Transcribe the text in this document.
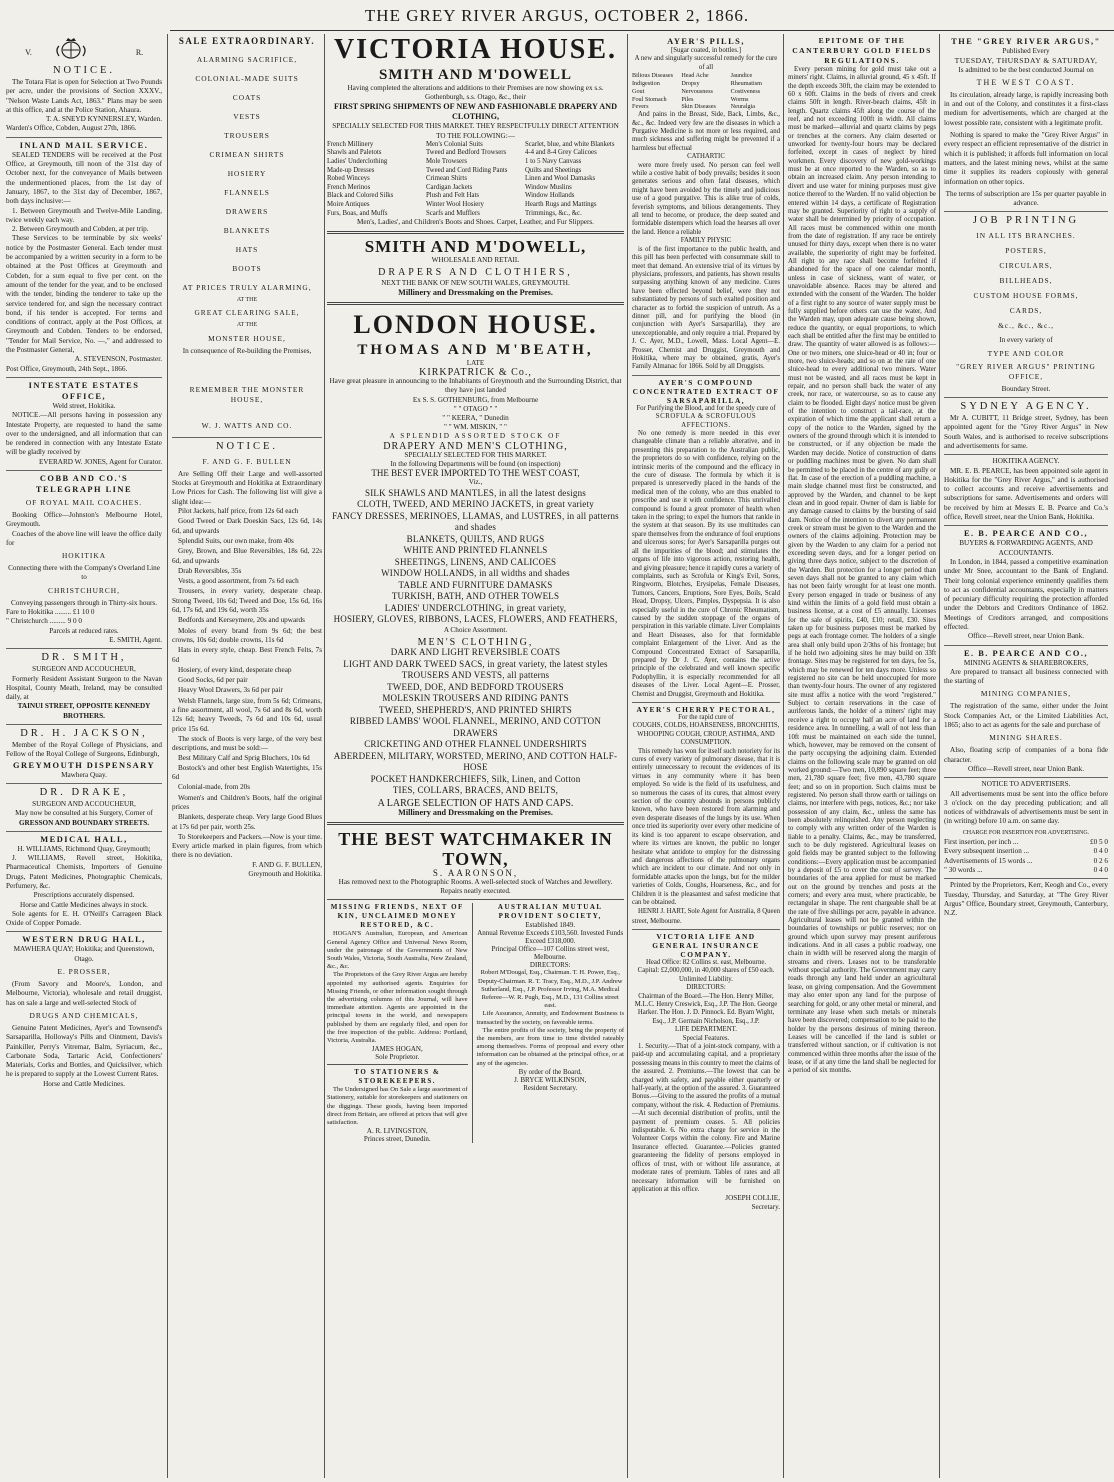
THE GREY RIVER ARGUS, OCTOBER 2, 1866.
V.		R.
NOTICE.
The Totara Flat is open for Selection at Two Pounds per acre, under the provisions of Section XXXV., "Nelson Waste Lands Act, 1863." Plans may be seen at this office, and at the Police Station, Ahaura.
T. A. SNEYD KYNNERSLEY, Warden.
Warden's Office, Cobden, August 27th, 1866.
INLAND MAIL SERVICE.
SEALED TENDERS will be received at the Post Office, at Greymouth, till noon of the 31st day of October next, for the conveyance of Mails between the undermentioned places, from the 1st day of January, 1867, to the 31st day of December, 1867, both days inclusive:—
1. Between Greymouth and Twelve-Mile Landing, twice weekly each way.
2. Between Greymouth and Cobden, at per trip.
These Services to be terminable by six weeks' notice by the Postmaster General. Each tender must be accompanied by a written security in a form to be obtained at the Post Offices at Greymouth and Cobden, for a sum equal to five per cent. on the amount of the tender for the year, and to be enclosed with the tender, binding the tenderer to take up the service tendered for, and sign the necessary contract bond, if his tender is accepted. For terms and conditions of contract, apply at the Post Offices, at Greymouth and Cobden. Tenders to be endorsed, "Tender for Mail Service, No. —," and addressed to the Postmaster General,
A. STEVENSON, Postmaster.
Post Office, Greymouth, 24th Sept., 1866.
INTESTATE ESTATES OFFICE,
Weld street, Hokitika.
NOTICE.—All persons having in possession any Intestate Property, are requested to hand the same over to the undersigned, and all information that can be rendered in connection with any Intestate Estate will be gladly received by
EVERARD W. JONES, Agent for Curator.
COBB AND CO.'S TELEGRAPH LINE
OF ROYAL MAIL COACHES.
Booking Office—Johnston's Melbourne Hotel, Greymouth.
Coaches of the above line will leave the office daily for
HOKITIKA
Connecting there with the Company's Overland Line to
CHRISTCHURCH,
Conveying passengers through in Thirty-six hours.
Fare to Hokitika ......... £1 10 0
" Christchurch ......... 9 0 0
Parcels at reduced rates.
E. SMITH, Agent.
DR. SMITH,
SURGEON AND ACCOUCHEUR,
Formerly Resident Assistant Surgeon to the Navan Hospital, County Meath, Ireland, may be consulted daily, at
TAINUI STREET, OPPOSITE KENNEDY BROTHERS.
DR. H. JACKSON,
Member of the Royal College of Physicians, and Fellow of the Royal College of Surgeons, Edinburgh,
GREYMOUTH DISPENSARY
Mawhera Quay.
DR. DRAKE,
SURGEON AND ACCOUCHEUR,
May now be consulted at his Surgery, Corner of
GRESSON AND BOUNDARY STREETS.
MEDICAL HALL,
H. WILLIAMS, Richmond Quay, Greymouth;
J. WILLIAMS, Revell street, Hokitika, Pharmaceutical Chemists, Importers of Genuine Drugs, Patent Medicines, Photographic Chemicals, Perfumery, &c.
Prescriptions accurately dispensed.
Horse and Cattle Medicines always in stock.
Sole agents for E. H. O'Neill's Carrageen Black Oxide of Copper Pomade.
WESTERN DRUG HALL,
MAWHERA QUAY; Hokitika; and Queenstown, Otago.
E. PROSSER,
(From Savory and Moore's, London, and Melbourne, Victoria), wholesale and retail druggist, has on sale a large and well-selected Stock of
DRUGS AND CHEMICALS,
Genuine Patent Medicines, Ayer's and Townsend's Sarsaparilla, Holloway's Pills and Ointment, Davis's Painkiller, Perry's Vitremar, Balm, Syriacum, &c., Carbonate Soda, Tartaric Acid, Confectioners' Materials, Corks and Bottles, and Quicksilver, which he is prepared to supply at the Lowest Current Rates.
Horse and Cattle Medicines.
SALE EXTRAORDINARY.
ALARMING SACRIFICE,
COLONIAL-MADE SUITS
COATS
VESTS
TROUSERS
CRIMEAN SHIRTS
HOSIERY
FLANNELS
DRAWERS
BLANKETS
HATS
BOOTS
AT PRICES TRULY ALARMING,
AT THE
GREAT CLEARING SALE,
AT THE
MONSTER HOUSE,
In consequence of Re-building the Premises,
REMEMBER THE MONSTER HOUSE,
W. J. WATTS AND CO.
NOTICE.
F. AND G. F. BULLEN
Are Selling Off their Large and well-assorted Stocks at Greymouth and Hokitika at Extraordinary Low Prices for Cash. The following list will give a slight idea:—
Pilot Jackets, half price, from 12s 6d each
Good Tweed or Dark Doeskin Sacs, 12s 6d, 14s 6d, and upwards
Splendid Suits, our own make, from 40s
Grey, Brown, and Blue Reversibles, 18s 6d, 22s 6d, and upwards
Drab Reversibles, 35s
Vests, a good assortment, from 7s 6d each
Trousers, in every variety, desperate cheap. Strong Tweed, 10s 6d; Tweed and Doe, 15s 6d, 16s 6d, 17s 6d, and 19s 6d, worth 35s
Bedfords and Kerseymere, 20s and upwards
Moles of every brand from 9s 6d; the best crowns, 10s 6d; double crowns, 11s 6d
Hats in every style, cheap. Best French Felts, 7s 6d
Hosiery, of every kind, desperate cheap
Good Socks, 6d per pair
Heavy Wool Drawers, 3s 6d per pair
Welsh Flannels, large size, from 5s 6d; Crimeans, a fine assortment, all wool, 7s 6d and 8s 6d, worth 12s 6d; heavy Tweeds, 7s 6d and 10s 6d, usual price 15s 6d.
The stock of Boots is very large, of the very best descriptions, and must be sold:—
Best Military Calf and Sprig Bluchers, 10s 6d
Bostock's and other best English Watertights, 15s 6d
Colonial-made, from 20s
Women's and Children's Boots, half the original prices
Blankets, desperate cheap. Very large Good Blues at 17s 6d per pair, worth 25s.
To Storekeepers and Packers.—Now is your time. Every article marked in plain figures, from which there is no deviation.
F. AND G. F. BULLEN,
Greymouth and Hokitika.
VICTORIA HOUSE.
SMITH AND M'DOWELL
Having completed the alterations and additions to their Premises are now showing ex s.s. Gothenburgh, s.s. Otago, &c., their
FIRST SPRING SHIPMENTS OF NEW AND FASHIONABLE DRAPERY AND CLOTHING,
SPECIALLY SELECTED FOR THIS MARKET. THEY RESPECTFULLY DIRECT ATTENTION TO THE FOLLOWING:—
French Millinery	Men's Colonial Suits	Scarlet, blue, and white Blankets
Shawls and Paletots	Tweed and Bedford Trowsers	4-4 and 8-4 Grey Calicoes
Ladies' Underclothing	Mole Trowsers	1 to 5 Navy Canvass
Made-up Dresses	Tweed and Cord Riding Pants	Quilts and Sheetings
Robed Winceys	Crimean Shirts	Linen and Wool Damasks
French Merinos	Cardigan Jackets	Window Muslins
Black and Colored Silks	Plush and Felt Hats	Window Hollands
Moire Antiques	Winter Wool Hosiery	Hearth Rugs and Mattings
Furs, Boas, and Muffs	Scarfs and Mufflers	Trimmings, &c., &c.
Men's, Ladies', and Children's Boots and Shoes. Carpet, Leather, and Fur Slippers.
SMITH AND M'DOWELL,
WHOLESALE AND RETAIL
DRAPERS AND CLOTHIERS,
NEXT THE BANK OF NEW SOUTH WALES, GREYMOUTH.
Millinery and Dressmaking on the Premises.
LONDON HOUSE.
THOMAS AND M'BEATH,
LATE
KIRKPATRICK & Co.,
Have great pleasure in announcing to the Inhabitants of Greymouth and the Surrounding District, that they have just landed
Ex S. S. GOTHENBURG, from Melbourne
" " OTAGO " "
" " KEERA, " Dunedin
" " WM. MISKIN, " "
A SPLENDID ASSORTED STOCK OF
DRAPERY AND MEN'S CLOTHING,
SPECIALLY SELECTED FOR THIS MARKET.
In the following Departments will be found (on inspection)
THE BEST EVER IMPORTED TO THE WEST COAST,
Viz.,
SILK SHAWLS AND MANTLES, in all the latest designs
CLOTH, TWEED, AND MERINO JACKETS, in great variety
FANCY DRESSES, MERINOES, LLAMAS, and LUSTRES, in all patterns and shades
BLANKETS, QUILTS, AND RUGS
WHITE AND PRINTED FLANNELS
SHEETINGS, LINENS, AND CALICOES
WINDOW HOLLANDS, in all widths and shades
TABLE AND FURNITURE DAMASKS
TURKISH, BATH, AND OTHER TOWELS
LADIES' UNDERCLOTHING, in great variety,
HOSIERY, GLOVES, RIBBONS, LACES, FLOWERS, AND FEATHERS,
A Choice Assortment.
MEN'S CLOTHING,
DARK AND LIGHT REVERSIBLE COATS
LIGHT AND DARK TWEED SACS, in great variety, the latest styles
TROUSERS AND VESTS, all patterns
TWEED, DOE, AND BEDFORD TROUSERS
MOLESKIN TROUSERS AND RIDING PANTS
TWEED, SHEPHERD'S, AND PRINTED SHIRTS
RIBBED LAMBS' WOOL FLANNEL, MERINO, AND COTTON DRAWERS
CRICKETING AND OTHER FLANNEL UNDERSHIRTS
ABERDEEN, MILITARY, WORSTED, MERINO, AND COTTON HALF-HOSE
POCKET HANDKERCHIEFS, Silk, Linen, and Cotton
TIES, COLLARS, BRACES, AND BELTS,
A LARGE SELECTION OF HATS AND CAPS.
Millinery and Dressmaking on the Premises.
THE BEST WATCHMAKER IN TOWN,
S. AARONSON,
Has removed next to the Photographic Rooms. A well-selected stock of Watches and Jewellery. Repairs neatly executed.
MISSING FRIENDS, NEXT OF KIN, UNCLAIMED MONEY RESTORED, &C.
HOGAN'S Australian, European, and American General Agency Office and Universal News Room, under the patronage of the Governments of New South Wales, Victoria, South Australia, New Zealand, &c., &c.
The Proprietors of the Grey River Argus are hereby appointed my authorised agents. Enquiries for Missing Friends, or other information sought through the advertising columns of this Journal, will have immediate attention. Agents are appointed in the principal towns in the world, and newspapers published by them are regularly filed, and open for the free inspection of the public. Address: Portland, Victoria, Australia.
JAMES HOGAN,
Sole Proprietor.
TO STATIONERS & STOREKEEPERS.
The Undersigned has On Sale a large assortment of Stationery, suitable for storekeepers and stationers on the diggings. These goods, having been imported direct from Britain, are offered at prices that will give satisfaction.
A. R. LIVINGSTON,
Princes street, Dunedin.

AUSTRALIAN MUTUAL PROVIDENT SOCIETY,
Established 1849.
Annual Revenue Exceeds £103,560. Invested Funds Exceed £318,000.
Principal Office—107 Collins street west, Melbourne.
DIRECTORS:
Robert M'Dougal, Esq., Chairman. T. H. Power, Esq., Deputy-Chairman. R. T. Tracy, Esq., M.D., J.P. Andrew Sutherland, Esq., J.P. Professor Irving, M.A. Medical Referee—W. R. Pugh, Esq., M.D., 131 Collins street east.
Life Assurance, Annuity, and Endowment Business is transacted by the society, on favorable terms.
The entire profits of the society, being the property of the members, are from time to time divided rateably among themselves. Forms of proposal and every other information can be obtained at the principal office, or at any of the agencies.
By order of the Board,
J. BRYCE WILKINSON,
Resident Secretary.
AYER'S PILLS,
[Sugar coated, in bottles.]
A new and singularly successful remedy for the cure of all
Bilious Diseases	Head Ache	Jaundice
Indigestion	Dropsy	Rheumatism
Gout	Nervousness	Costiveness
Foul Stomach	Piles	Worms
Fevers	Skin Diseases	Neuralgia
And pains in the Breast, Side, Back, Limbs, &c., &c., &c. Indeed very few are the diseases in which a Purgative Medicine is not more or less required, and much sickness and suffering might be prevented if a harmless but effectual
CATHARTIC
were more freely used. No person can feel well while a costive habit of body prevails; besides it soon generates serious and often fatal diseases, which might have been avoided by the timely and judicious use of a good purgative. This is alike true of colds, feverish symptoms, and bilious derangements. They all tend to become, or produce, the deep seated and formidable distempers which load the hearses all over the land. Hence a reliable
FAMILY PHYSIC
is of the first importance to the public health, and this pill has been perfected with consummate skill to meet that demand. An extensive trial of its virtues by physicians, professors, and patients, has shown results surpassing anything known of any medicine. Cures have been effected beyond belief, were they not substantiated by persons of such exalted position and character as to forbid the suspicion of untruth. As a dinner pill, and for purifying the blood (in conjunction with Ayer's Sarsaparilla), they are unexceptionable, and only require a trial. Prepared by J. C. Ayer, M.D., Lowell, Mass. Local Agent—E. Prosser, Chemist and Druggist, Greymouth and Hokitika, where may be obtained, gratis, Ayer's Family Almanac for 1866. Sold by all Druggists.
AYER'S COMPOUND CONCENTRATED EXTRACT OF SARSAPARILLA,
For Purifying the Blood, and for the speedy cure of
SCROFULA & SCROFULOUS AFFECTIONS.
No one remedy is more needed in this ever changeable climate than a reliable alterative, and in presenting this preparation to the Australian public, the proprietors do so with confidence, relying on the intrinsic merits of the compound and the efficacy in the cure of disease. The formula by which it is prepared is unreservedly placed in the hands of the medical men of the colony, who are thus enabled to prescribe and use it with confidence. This unrivalled compound is found a great promoter of health when taken in the spring; to expel the humors that rankle in the system at that season. By its use multitudes can spare themselves from the endurance of foul eruptions and ulcerous sores; for Ayer's Sarsaparilla purges out all the impurities of the blood; and stimulates the organs of life into vigorous action, restoring health, and giving pleasure; hence it rapidly cures a variety of complaints, such as Scrofula or King's Evil, Sores, Ringworm, Blotches, Erysipelas, Female Diseases, Tumors, Cancers, Eruptions, Sore Eyes, Boils, Scald Head, Dropsy, Ulcers, Pimples, Dyspepsia. It is also especially useful in the cure of Chronic Rheumatism, caused by the sudden stoppage of the organs of perspiration in this variable climate. Liver Complaints and Heart Diseases, also for that formidable complaint Enlargement of the Liver. And as the Compound Concentrated Extract of Sarsaparilla, prepared by Dr J. C. Ayer, contains the active principle of the celebrated and well known specific Podophyllin, it is especially recommended for all diseases of the Liver. Local Agent—E. Prosser, Chemist and Druggist, Greymouth and Hokitika.
AYER'S CHERRY PECTORAL,
For the rapid cure of
COUGHS, COLDS, HOARSENESS, BRONCHITIS, WHOOPING COUGH, CROUP, ASTHMA, AND CONSUMPTION.
This remedy has won for itself such notoriety for its cures of every variety of pulmonary disease, that it is entirely unnecessary to recount the evidences of its virtues in any community where it has been employed. So wide is the field of its usefulness, and so numerous the cases of its cures, that almost every section of the country abounds in persons publicly known, who have been restored from alarming and even desperate diseases of the lungs by its use. When once tried its superiority over every other medicine of its kind is too apparent to escape observation, and where its virtues are known, the public no longer hesitate what antidote to employ for the distressing and dangerous affections of the pulmonary organs which are incident to our climate. And not only in formidable attacks upon the lungs, but for the milder varieties of Colds, Coughs, Hoarseness, &c., and for Children it is the pleasantest and safest medicine that can be obtained.
HENRI J. HART, Sole Agent for Australia, 8 Queen street, Melbourne.
VICTORIA LIFE AND GENERAL INSURANCE COMPANY.
Head Office: 82 Collins st. east, Melbourne.
Capital: £2,000,000, in 40,000 shares of £50 each.
Unlimited Liability.
DIRECTORS:
Chairman of the Board.—The Hon. Henry Miller, M.L.C. Henry Creswick, Esq., J.P. The Hon. George Harker. The Hon. J. D. Pinnock. Ed. Byam Wight, Esq., J.P. Germain Nicholson, Esq., J.P.
LIFE DEPARTMENT.
Special Features.
1. Security.—That of a joint-stock company, with a paid-up and accumulating capital, and a proprietary possessing means in this country to meet the claims of the assured. 2. Premiums.—The lowest that can be charged with safety, and payable either quarterly or half-yearly, at the option of the assured. 3. Guaranteed Bonus.—Giving to the assured the profits of a mutual company, without the risk. 4. Reduction of Premiums.—At such decennial distribution of profits, until the payment of premium ceases. 5. All policies indisputable. 6. No extra charge for service in the Volunteer Corps within the colony. Fire and Marine Insurance effected. Guarantee.—Policies granted guaranteeing the fidelity of persons employed in offices of trust, with or without life assurance, at moderate rates of premium. Tables of rates and all necessary information will be furnished on application at this office.
JOSEPH COLLIE,
Secretary.
EPITOME OF THE CANTERBURY GOLD FIELDS REGULATIONS.
Every person mining for gold must take out a miners' right. Claims, in alluvial ground, 45 x 45ft. If the depth exceeds 30ft, the claim may be extended to 60 x 60ft. Claims in the beds of rivers and creek claims 50ft in length. River-beach claims, 45ft in length. Quartz claims 45ft along the course of the reef, and not exceeding 100ft in width. All claims must be marked—alluvial and quartz claims by pegs or trenches at the corners. Any claim deserted or unworked for twenty-four hours may be declared forfeited, except in cases of neglect by hired workmen. Every discovery of new gold-workings must be at once reported to the Warden, so as to obtain an increased claim. Any person intending to divert and use water for mining purposes must give notice thereof to the Warden. If no valid objection be entered within 14 days, a certificate of Registration may be granted. Superiority of right to a supply of water shall be determined by priority of occupation. All races must be commenced within one month from the date of registration. If any race be entirely unused for thirty days, except when there is no water available, the superiority of right may be forfeited. All right to any race shall become forfeited if abandoned for the space of one calendar month, unless in case of sickness, want of water, or unavoidable absence. Races may be altered and extended with the consent of the Warden. The holder of a first right to any source of water supply must be fully supplied before others can use the water, And the Warden may, upon adequate cause being shown, reduce the quantity, or equal proportions, to which each shall be entitled after the first may be entitled to draw. The quantity of water allowed is as follows:—One or two miners, one sluice-head or 40 in; four or more, two sluice-heads; and so on at the rate of one sluice-head to every additional two miners. Water must not be wasted, and all races must be kept in repair, and no person shall back the water of any creek, nor race, or watercourse, so as to cause any claim to be flooded. Eight days' notice must be given of the intention to construct a tail-race, at the expiration of which time the applicant shall return a copy of the notice to the Warden, signed by the owners of the ground through which it is intended to be constructed, or if any objection be made the Warden may decide. Notice of construction of dams or puddling machines must be given. No dam shall be permitted to be placed in the centre of any gully or flat. In case of the erection of a puddling machine, a main sludge channel must first be constructed, and approved by the Warden, and channel to be kept clean and in good repair. Owner of dam is liable for any damage caused to claims by the bursting of said dam. Notice of the intention to divert any permanent creek or stream must be given to the Warden and the owners of the claims adjoining. Protection may be given by the Warden to any claim for a period not exceeding seven days, and for a longer period on giving three days notice, subject to the discretion of the Warden. But protection for a longer period than seven days shall not be granted to any claim which has not been fairly wrought for at least one month. Every person engaged in trade or business of any kind within the limits of a gold field must obtain a business license, at a cost of £5 annually. Licenses for the sale of spirits, £40, £10; retail, £30. Sites taken up for business purposes must be marked by pegs at each frontage corner. The holders of a single area shall only build upon 2/3ths of his frontage; but if he hold two adjoining sites he may build on 33ft frontage. Sites may be registered for ten days, fee 5s, which may be renewed for ten days more. Unless so registered no site can be held unoccupied for more than twenty-four hours. The owner of any registered site must affix a notice with the word "registered." Subject to certain reservations in the case of auriferous lands, the holder of a miners' right may receive a right to occupy half an acre of land for a residence area. In tunnelling, a wall of not less than 10ft must be maintained on each side the tunnel, which, however, may be removed on the consent of the party occupying the adjoining claim. Extended claims on the following scale may be granted on old worked ground:—Two men, 10,890 square feet; three men, 21,780 square feet; five men, 43,780 square feet; and so on in proportion. Such claims must be registered. No person shall throw earth or tailings on claims, nor interfere with pegs, notices, &c.; nor take possession of any claim, &c., unless the same has been absolutely relinquished. Any person neglecting to comply with any written order of the Warden is liable to a penalty. Claims, &c., may be transferred, such to be duly registered. Agricultural leases on gold fields may be granted subject to the following conditions:—Every application must be accompanied by a deposit of £5 to cover the cost of survey. The boundaries of the area applied for must be marked out on the ground by trenches and posts at the corners; and every area must, where practicable, be rectangular in shape. The rent chargeable shall be at the rate of five shillings per acre, payable in advance. Agricultural leases will not be granted within the boundaries of townships or public reserves; nor on ground which upon survey may present auriferous indications. And in all cases a public roadway, one chain in width will be reserved along the margin of streams and rivers. Leases not to be transferable without special authority. The Government may carry roads through any land held under an agricultural lease, on giving compensation. And the Government may also enter upon any land for the purpose of searching for gold, or any other metal or mineral, and terminate any lease when such metals or minerals have been discovered; compensation to be paid to the holder by the persons desirous of mining thereon. Leases will be cancelled if the land is sublet or transferred without sanction, or if cultivation is not commenced within three months after the issue of the lease, or if at any time the land shall be neglected for a period of six months.
THE "GREY RIVER ARGUS,"
Published Every
TUESDAY, THURSDAY & SATURDAY,
Is admitted to be the best conducted Journal on
THE WEST COAST.
Its circulation, already large, is rapidly increasing both in and out of the Colony, and constitutes it a first-class medium for advertisements, which are charged at the lowest possible rate, consistent with a legitimate profit.
Nothing is spared to make the "Grey River Argus" in every respect an efficient representative of the district in which it is published; it affords full information on local matters, and the latest mining news, whilst at the same time it supplies its readers copiously with general information on other topics.
The terms of subscription are 15s per quarter payable in advance.
JOB PRINTING
IN ALL ITS BRANCHES.
POSTERS,
CIRCULARS,
BILLHEADS,
CUSTOM HOUSE FORMS,
CARDS,
&c., &c., &c.,
In every variety of
TYPE AND COLOR
"GREY RIVER ARGUS" PRINTING OFFICE,
Boundary Street.
SYDNEY AGENCY.
Mr A. CUBITT, 11 Bridge street, Sydney, has been appointed agent for the "Grey River Argus" in New South Wales, and is authorised to receive subscriptions and advertisements for same.
HOKITIKA AGENCY.
MR. E. B. PEARCE, has been appointed sole agent in Hokitika for the "Grey River Argus," and is authorised to collect accounts and receive advertisements and subscriptions for same. Advertisements and orders will be received by him at Messrs E. B. Pearce and Co.'s office, Revell street, near the Union Bank, Hokitika.
E. B. PEARCE AND CO.,
BUYERS & FORWARDING AGENTS, AND ACCOUNTANTS.
In London, in 1844, passed a competitive examination under Mr Snee, accountant to the Bank of England. Their long colonial experience eminently qualifies them to act as confidential accountants, especially in matters of pecuniary difficulty requiring the protection afforded under the Debtors and Creditors Ordinance of 1862. Meetings of Creditors arranged, and compositions effected.
Office—Revell street, near Union Bank.
E. B. PEARCE AND CO.,
MINING AGENTS & SHAREBROKERS,
Are prepared to transact all business connected with the starting of
MINING COMPANIES,
The registration of the same, either under the Joint Stock Companies Act, or the Limited Liabilities Act, 1865; also to act as agents for the sale and purchase of
MINING SHARES.
Also, floating scrip of companies of a bona fide character.
Office—Revell street, near Union Bank.
NOTICE TO ADVERTISERS.
All advertisements must be sent into the office before 3 o'clock on the day preceding publication; and all notices of withdrawals of advertisements must be sent in (in writing) before 10 a.m. on same day.
CHARGE FOR INSERTION FOR ADVERTISING.
First insertion, per inch ...	£0 5 0
Every subsequent insertion ...	0 4 0
Advertisements of 15 words ...	0 2 6
" 30 words ...	0 4 0
Printed by the Proprietors, Kerr, Keogh and Co., every Tuesday, Thursday, and Saturday, at "The Grey River Argus" Office, Boundary street, Greymouth, Canterbury, N.Z.
